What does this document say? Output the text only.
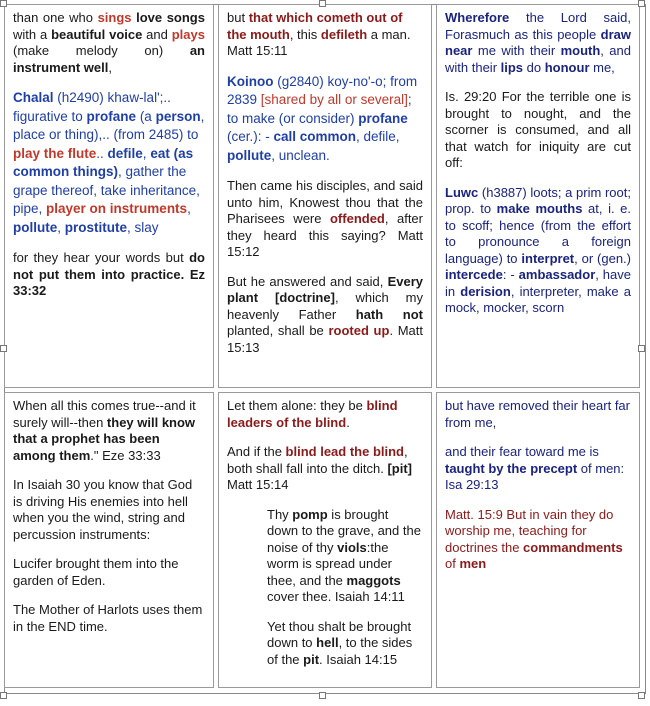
than one who sings love songs with a beautiful voice and plays (make melody on) an instrument well,

Chalal (h2490) khaw-lal';.. figurative to profane (a person, place or thing),.. (from 2485) to play the flute.. defile, eat (as common things), gather the grape thereof, take inheritance, pipe, player on instruments, pollute, prostitute, slay

for they hear your words but do not put them into practice. Ez 33:32

but that which cometh out of the mouth, this defileth a man. Matt 15:11

Koinoo (g2840) koy-no'-o; from 2839 [shared by all or several]; to make (or consider) profane (cer.): - call common, defile, pollute, unclean.

Then came his disciples, and said unto him, Knowest thou that the Pharisees were offended, after they heard this saying? Matt 15:12

But he answered and said, Every plant [doctrine], which my heavenly Father hath not planted, shall be rooted up. Matt 15:13

Wherefore the Lord said, Forasmuch as this people draw near me with their mouth, and with their lips do honour me,

Is. 29:20 For the terrible one is brought to nought, and the scorner is consumed, and all that watch for iniquity are cut off:

Luwc (h3887) loots; a prim root; prop. to make mouths at, i. e. to scoff; hence (from the effort to pronounce a foreign language) to interpret, or (gen.) intercede: - ambassador, have in derision, interpreter, make a mock, mocker, scorn

When all this comes true--and it surely will--then they will know that a prophet has been among them." Eze 33:33

In Isaiah 30 you know that God is driving His enemies into hell when you the wind, string and percussion instruments:

Lucifer brought them into the garden of Eden.

The Mother of Harlots uses them in the END time.

Let them alone: they be blind leaders of the blind.

And if the blind lead the blind, both shall fall into the ditch. [pit] Matt 15:14

Thy pomp is brought down to the grave, and the noise of thy viols:the worm is spread under thee, and the maggots cover thee. Isaiah 14:11

Yet thou shalt be brought down to hell, to the sides of the pit. Isaiah 14:15

but have removed their heart far from me,

and their fear toward me is taught by the precept of men: Isa 29:13

Matt. 15:9 But in vain they do worship me, teaching for doctrines the commandments of men
